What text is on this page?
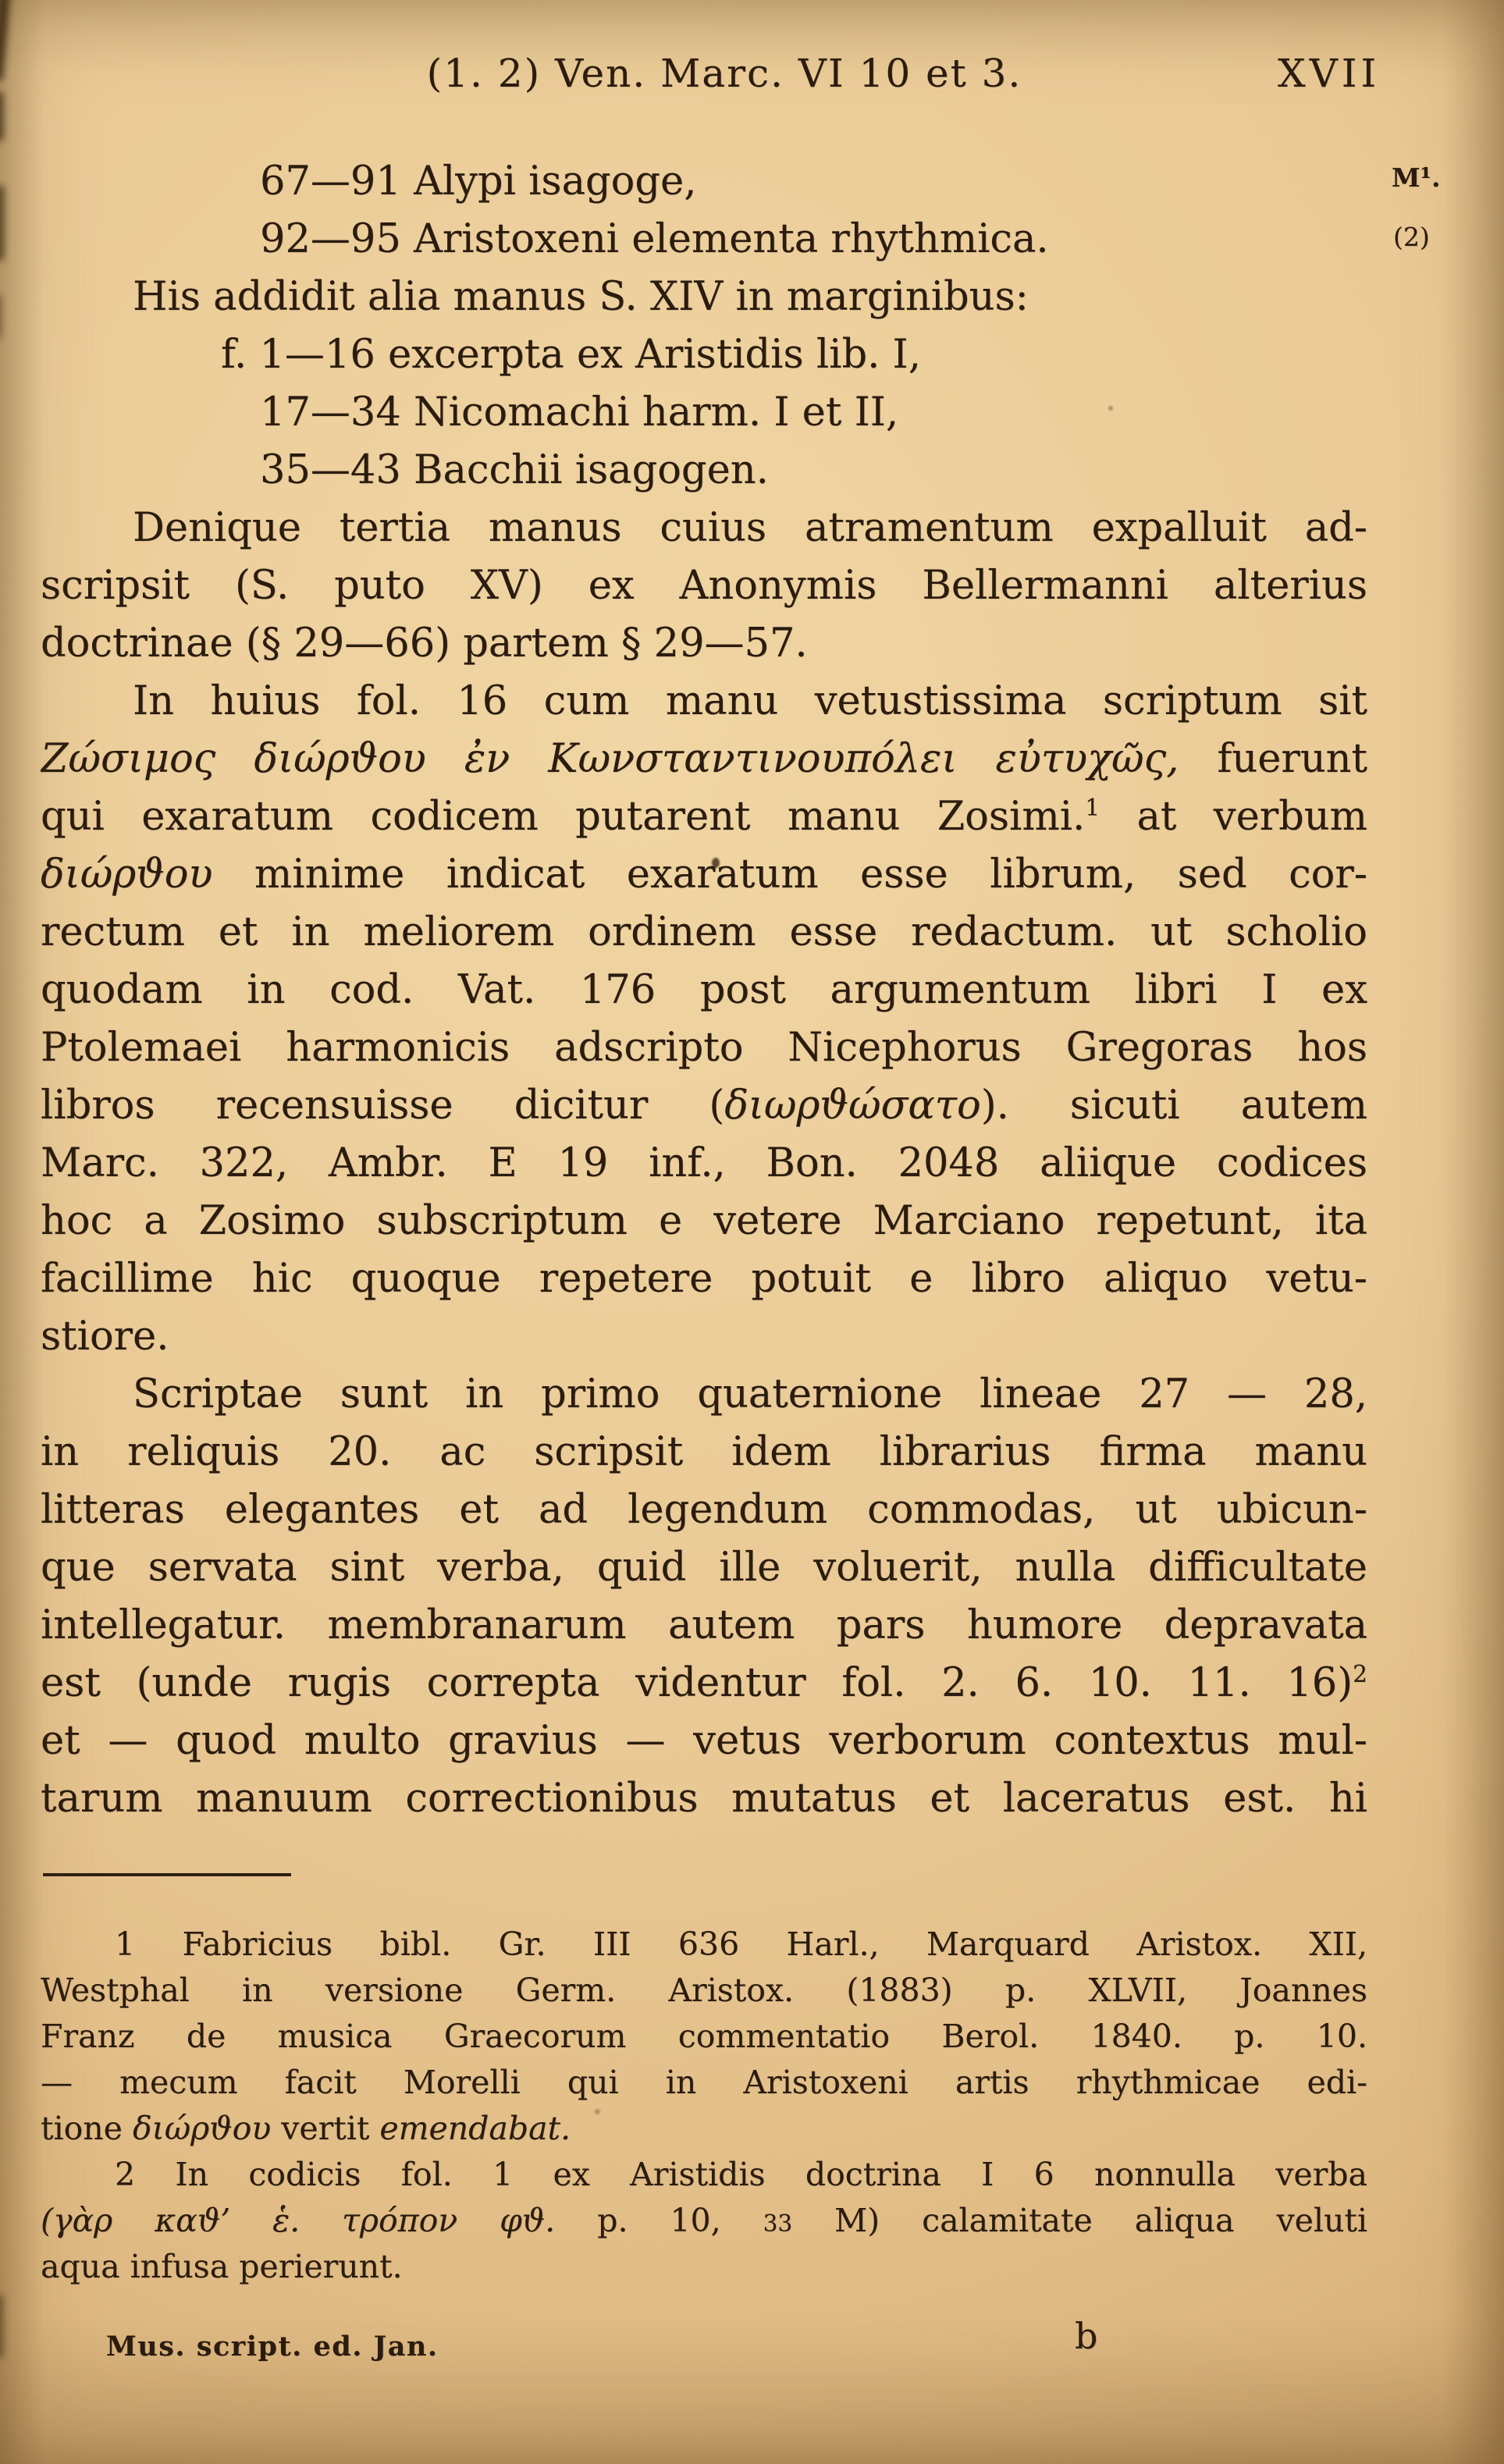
(1. 2) Ven. Marc. VI 10 et 3.	XVII
M¹.
(2)
67—91 Alypi isagoge,
92—95 Aristoxeni elementa rhythmica.
His addidit alia manus S. XIV in marginibus:
f. 1—16 excerpta ex Aristidis lib. I,
17—34 Nicomachi harm. I et II,
35—43 Bacchii isagogen.
Denique tertia manus cuius atramentum expalluit ad-
scripsit (S. puto XV) ex Anonymis Bellermanni alterius
doctrinae (§ 29—66) partem § 29—57.
In huius fol. 16 cum manu vetustissima scriptum sit
Ζώσιμος διώρϑου ἐν Κωνσταντινουπόλει εὐτυχῶς, fuerunt
qui exaratum codicem putarent manu Zosimi.$^1$ at verbum
διώρϑου minime indicat exaratum esse librum, sed cor-
rectum et in meliorem ordinem esse redactum. ut scholio
quodam in cod. Vat. 176 post argumentum libri I ex
Ptolemaei harmonicis adscripto Nicephorus Gregoras hos
libros recensuisse dicitur (διωρϑώσατο). sicuti autem
Marc. 322, Ambr. E 19 inf., Bon. 2048 aliique codices
hoc a Zosimo subscriptum e vetere Marciano repetunt, ita
facillime hic quoque repetere potuit e libro aliquo vetu-
stiore.
Scriptae sunt in primo quaternione lineae 27 — 28,
in reliquis 20. ac scripsit idem librarius firma manu
litteras elegantes et ad legendum commodas, ut ubicun-
que servata sint verba, quid ille voluerit, nulla difficultate
intellegatur. membranarum autem pars humore depravata
est (unde rugis correpta videntur fol. 2. 6. 10. 11. 16)$^2$
et — quod multo gravius — vetus verborum contextus mul-
tarum manuum correctionibus mutatus et laceratus est. hi
1 Fabricius bibl. Gr. III 636 Harl., Marquard Aristox. XII,
Westphal in versione Germ. Aristox. (1883) p. XLVII, Joannes
Franz de musica Graecorum commentatio Berol. 1840. p. 10.
— mecum facit Morelli qui in Aristoxeni artis rhythmicae edi-
tione διώρϑου vertit emendabat.
2 In codicis fol. 1 ex Aristidis doctrina I 6 nonnulla verba
(γὰρ καϑ’ ἑ. τρόπον φϑ. p. 10, 33 M) calamitate aliqua veluti
aqua infusa perierunt.
Mus. script. ed. Jan.	b
